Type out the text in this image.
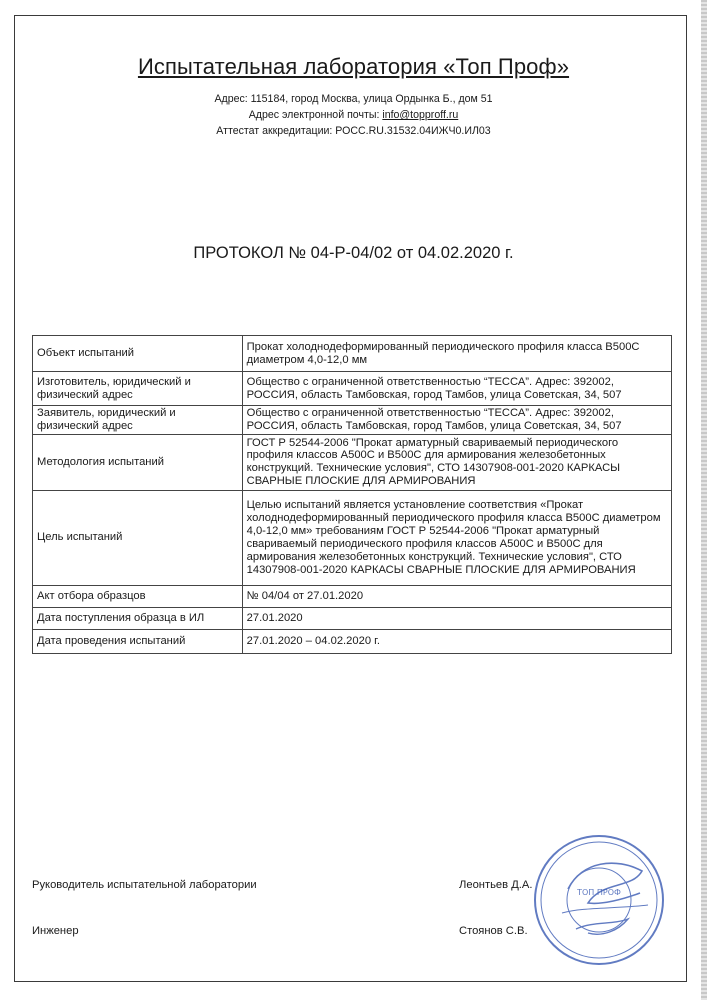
Испытательная лаборатория «Топ Проф»
Адрес: 115184, город Москва, улица Ордынка Б., дом 51
Адрес электронной почты: info@topproff.ru
Аттестат аккредитации: РОСС.RU.31532.04ИЖЧ0.ИЛ03
ПРОТОКОЛ № 04-Р-04/02 от 04.02.2020 г.
Объект испытаний	Прокат холоднодеформированный периодического профиля класса В500С диаметром 4,0-12,0 мм
Изготовитель, юридический и физический адрес	Общество с ограниченной ответственностью “ТЕССА”. Адрес: 392002, РОССИЯ, область Тамбовская, город Тамбов, улица Советская, 34, 507
Заявитель, юридический и физический адрес	Общество с ограниченной ответственностью “ТЕССА”. Адрес: 392002, РОССИЯ, область Тамбовская, город Тамбов, улица Советская, 34, 507
Методология испытаний	ГОСТ Р 52544-2006 "Прокат арматурный свариваемый периодического профиля классов А500С и В500С для армирования железобетонных конструкций. Технические условия", СТО 14307908-001-2020 КАРКАСЫ СВАРНЫЕ ПЛОСКИЕ ДЛЯ АРМИРОВАНИЯ
Цель испытаний	Целью испытаний является установление соответствия «Прокат холоднодеформированный периодического профиля класса В500С диаметром 4,0-12,0 мм» требованиям ГОСТ Р 52544-2006 "Прокат арматурный свариваемый периодического профиля классов А500С и В500С для армирования железобетонных конструкций. Технические условия", СТО 14307908-001-2020 КАРКАСЫ СВАРНЫЕ ПЛОСКИЕ ДЛЯ АРМИРОВАНИЯ
Акт отбора образцов	№ 04/04 от 27.01.2020
Дата поступления образца в ИЛ	27.01.2020
Дата проведения испытаний	27.01.2020 – 04.02.2020 г.
Руководитель испытательной лаборатории	Леонтьев Д.А.
Инженер	Стоянов С.В.
ТОП ПРОФ
